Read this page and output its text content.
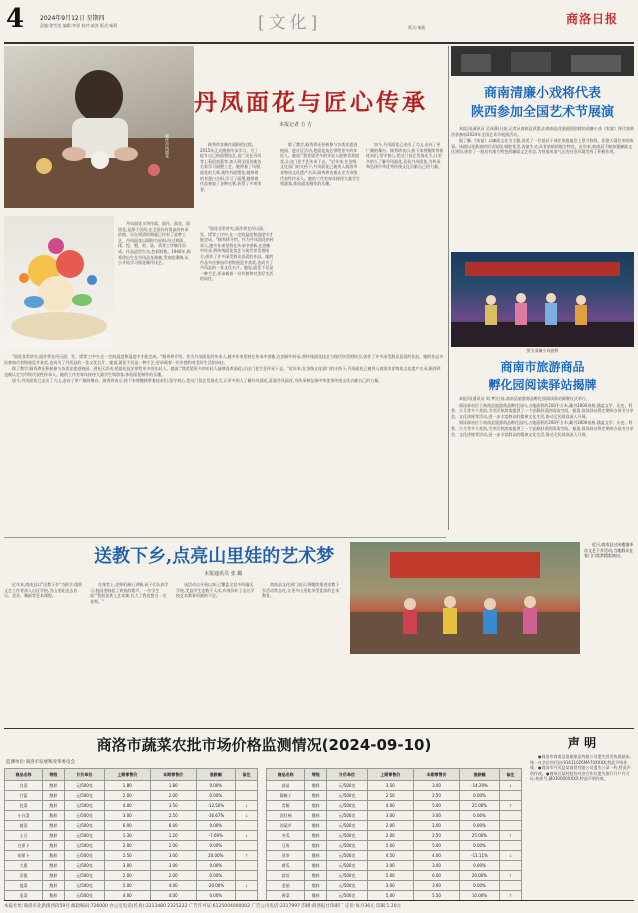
4	2024年9月12日 星期四
责编:徐雪怡 编辑:李勇 校对:戚涛 版式:秦燕	[文化]	版式:秦燕
商洛日报
制作丹凤面花
丹凤面花与匠心传承
本报记者 方 方

顾秀珍非制作面粉的过程。2015年正式踏着传承学习。为了提升自己的面塑技艺,虽广泛在丹凤等上看很南蒙等,加人到全国各地各名家学习面塑工艺。她带着了凤凰面花的大师,使所有面塑花,她带着的有蛋白合料,学习了面塑,她带着作品参加了各种比赛,获得了多项荣誉。

丹凤面花又叫作面、面作、面花、面团花,是源于民间,在全国具有很高的传承价值。早在明清时期就已经有了此种工艺。丹凤面花以面粉为原料,经过和面、揉、捏、塑、剪、染、蒸等工序制作而成。作品造型生动,色彩鲜艳。1940年,顾秀珍出生在丹凤县龙驹寨,受家庭熏陶,从小开始学习面花制作技艺。

"面花非常讲究,面作须在经历面、发、揉等工序中,在一定的温度和湿度中才能完成。"顾秀珍介绍。作为丹凤面花的传承人,她多年来坚持在传承中创新,在创新中传承,将传统面花技艺与现代审美相结合,创作了许多深受群众喜爱的作品。她的作品多次参加市省级展览并获奖,也成为了丹凤县的一张文化名片。她说,面花不仅是一种手艺,更承载着一份乡愁和对美好生活的向往。

除了教学,顾秀珍还积极参与各类非遗进校园、进社区活动,把面花技艺带给更多的年轻人。她说:"我希望更多的年轻人能够喜欢面花,让这门老手艺传承下去。"近年来,在各级文化部门的支持下,丹凤面花已被列入商洛市非物质文化遗产名录,顾秀珍也被认定为市级代表性传承人。她的工作室每年接待大量学生和游客,体验面花制作的乐趣。

如今,丹凤面花已走出了大山,走向了更广阔的舞台。顾秀珍表示,接下来将继续带着徒弟们,坚守初心,把这门技艺发扬光大,让更多的人了解丹凤面花,喜爱丹凤面花,为传承和弘扬中华优秀传统文化贡献自己的力量。

"面花非常讲究,面作须在经历面、发、揉等工序中,在一定的温度和湿度中才能完成。"顾秀珍介绍。作为丹凤面花的传承人,她多年来坚持在传承中创新,在创新中传承,将传统面花技艺与现代审美相结合,创作了许多深受群众喜爱的作品。她的作品多次参加市省级展览并获奖,也成为了丹凤县的一张文化名片。她说,面花不仅是一种手艺,更承载着一份乡愁和对美好生活的向往。

除了教学,顾秀珍还积极参与各类非遗进校园、进社区活动,把面花技艺带给更多的年轻人。她说:"我希望更多的年轻人能够喜欢面花,让这门老手艺传承下去。"近年来,在各级文化部门的支持下,丹凤面花已被列入商洛市非物质文化遗产名录,顾秀珍也被认定为市级代表性传承人。她的工作室每年接待大量学生和游客,体验面花制作的乐趣。

如今,丹凤面花已走出了大山,走向了更广阔的舞台。顾秀珍表示,接下来将继续带着徒弟们,坚守初心,把这门技艺发扬光大,让更多的人了解丹凤面花,喜爱丹凤面花,为传承和弘扬中华优秀传统文化贡献自己的力量。

商南清廉小戏将代表
陕西参加全国艺术节展演

本报讯(通讯员 吴冰燕)日前,记者从商南县获悉,由商南县花鼓剧团创排的清廉小戏《家宴》将代表陕西省参加2024年全国艺术节展演活动。

据了解,《家宴》以廉政文化为主题,讲述了一位基层干部在家庭宴会上坚守底线、拒绝人情往来的故事。该剧以花鼓戏的形式展现,唱腔优美,表演生动,具有浓郁的地方特色。近年来,商南县不断加强廉政文化建设,创作了一批具有地方特色的廉政文艺作品,为营造风清气正的社会环境发挥了积极作用。

图为清廉小戏剧照
商南市旅游商品
孵化园阅读驿站揭牌

本报讯(通讯员 周 梦)日前,商南县旅游商品孵化园阅读驿站揭牌仪式举行。

阅读驿站位于商南县旅游商品孵化园内,占地面积约200平方米,藏书3000余册,涵盖文学、历史、科普、少儿等多个类别,为市民和游客提供了一个安静舒适的阅读空间。据悉,阅读驿站将定期举办读书分享会、文化讲座等活动,进一步丰富群众的精神文化生活,推动全民阅读深入开展。

阅读驿站位于商南县旅游商品孵化园内,占地面积约200平方米,藏书3000余册,涵盖文学、历史、科普、少儿等多个类别,为市民和游客提供了一个安静舒适的阅读空间。据悉,阅读驿站将定期举办读书分享会、文化讲座等活动,进一步丰富群众的精神文化生活,推动全民阅读深入开展。

送教下乡,点亮山里娃的艺术梦
本报通讯员 张 璐

近年来,商南县以"送教下乡"为抓手,组织文艺工作者深入山区学校,为山里娃送去音乐、美术、舞蹈等艺术课程。

在课堂上,老师们耐心讲解,孩子们认真学习,校园里响起了欢快的歌声。一位学生说:"我很喜欢上艺术课,长大了我也想当一名老师。"

该活动自开展以来,已覆盖全县多所偏远学校,受益学生达数千人次,有效弥补了山区学校艺术教育资源的不足。

商南县文化部门表示,将继续推进送教下乡活动常态化,让更多山里娃享受优质的艺术教育。

近日,商南县过风楼镇举办文艺下乡活动,当地群众在家门口欣赏精彩演出。

商洛市蔬菜农批市场价格监测情况(2024-09-10)
监测单位:商洛市发展和改革委员会
商品名称	等级	计价单位	上期零售价	本期零售价	涨跌幅	备注
白菜	散样	元/500克	1.80	1.80	0.00%	
甘蓝	散样	元/500克	2.00	2.00	0.00%	
包菜	散样	元/500克	4.00	3.50	-12.50%	↓
小白菜	散样	元/500克	3.00	2.50	-16.67%	↓
菠菜	散样	元/500克	6.00	6.00	0.00%	
土豆	散样	元/500克	1.30	1.20	-7.69%	↓
白萝卜	散样	元/500克	2.00	2.00	0.00%	
胡萝卜	散样	元/500克	2.50	3.00	20.00%	↑
大葱	散样	元/500克	3.00	3.00	0.00%	
洋葱	散样	元/500克	2.00	2.00	0.00%	
莲菜	散样	元/500克	5.00	4.00	-20.00%	↓
韭菜	散样	元/500克	4.00	4.00	0.00%	
商品名称	等级	计价单位	上期零售价	本期零售价	涨跌幅	备注
蒜苗	散样	元/500克	3.50	3.00	-14.29%	↓
圆椒子	散样	元/500克	2.50	2.50	0.00%	
青椒	散样	元/500克	4.00	5.00	25.00%	↑
西红柿	散样	元/500克	3.00	3.00	0.00%	
西葫芦	散样	元/500克	2.00	2.00	0.00%	
冬瓜	散样	元/500克	2.00	2.50	25.00%	↑
豆角	散样	元/500克	5.00	5.00	0.00%	
莴笋	散样	元/500克	4.50	4.00	-11.11%	↓
黄瓜	散样	元/500克	3.00	3.00	0.00%	
蒜苔	散样	元/500克	5.00	6.00	20.00%	↑
老茄	散样	元/500克	3.00	3.00	0.00%	
香菜	散样	元/500克	5.00	5.50	10.00%	↑
声 明

●商洛市商南县富硒果品有限公司遗失营业执照副本,统一社会信用代码:91611026MA70XXXX,特此声明作废。●商洛市丹凤县某商贸有限公司遗失公章一枚,特此声明作废。●商州区某村股份经济合作社遗失银行开户许可证,核准号:J8030000XXXX,特此声明作废。

本报社址:商洛市北新街西段59号 邮政编码:726000 办公室电话(传真):2313480 2325222 广告许可证:6125004000002 广告公司电话:2317997 印刷:商洛报社印刷厂 定价:每月36元 印刷:1.20元
